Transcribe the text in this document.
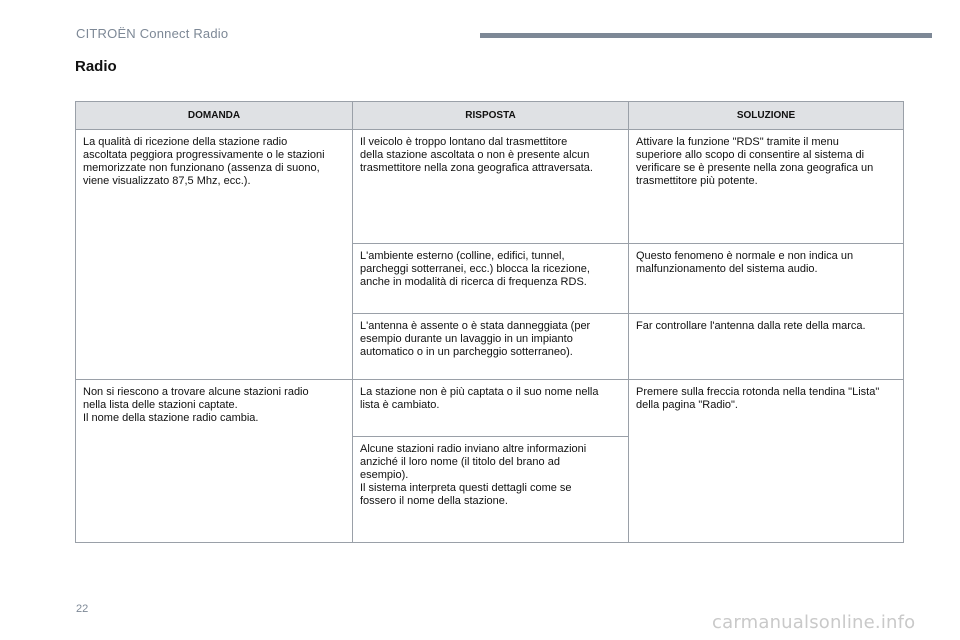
CITROËN Connect Radio
Radio
DOMANDA	RISPOSTA	SOLUZIONE
La qualità di ricezione della stazione radio
ascoltata peggiora progressivamente o le stazioni
memorizzate non funzionano (assenza di suono,
viene visualizzato 87,5 Mhz, ecc.).	Il veicolo è troppo lontano dal trasmettitore
della stazione ascoltata o non è presente alcun
trasmettitore nella zona geografica attraversata.	Attivare la funzione "RDS" tramite il menu
superiore allo scopo di consentire al sistema di
verificare se è presente nella zona geografica un
trasmettitore più potente.
	L'ambiente esterno (colline, edifici, tunnel,
parcheggi sotterranei, ecc.) blocca la ricezione,
anche in modalità di ricerca di frequenza RDS.	Questo fenomeno è normale e non indica un
malfunzionamento del sistema audio.
	L'antenna è assente o è stata danneggiata (per
esempio durante un lavaggio in un impianto
automatico o in un parcheggio sotterraneo).	Far controllare l'antenna dalla rete della marca.
Non si riescono a trovare alcune stazioni radio
nella lista delle stazioni captate.
Il nome della stazione radio cambia.	La stazione non è più captata o il suo nome nella
lista è cambiato.	Premere sulla freccia rotonda nella tendina "Lista"
della pagina "Radio".
	Alcune stazioni radio inviano altre informazioni
anziché il loro nome (il titolo del brano ad
esempio).
Il sistema interpreta questi dettagli come se
fossero il nome della stazione.	
22
carmanualsonline.info
